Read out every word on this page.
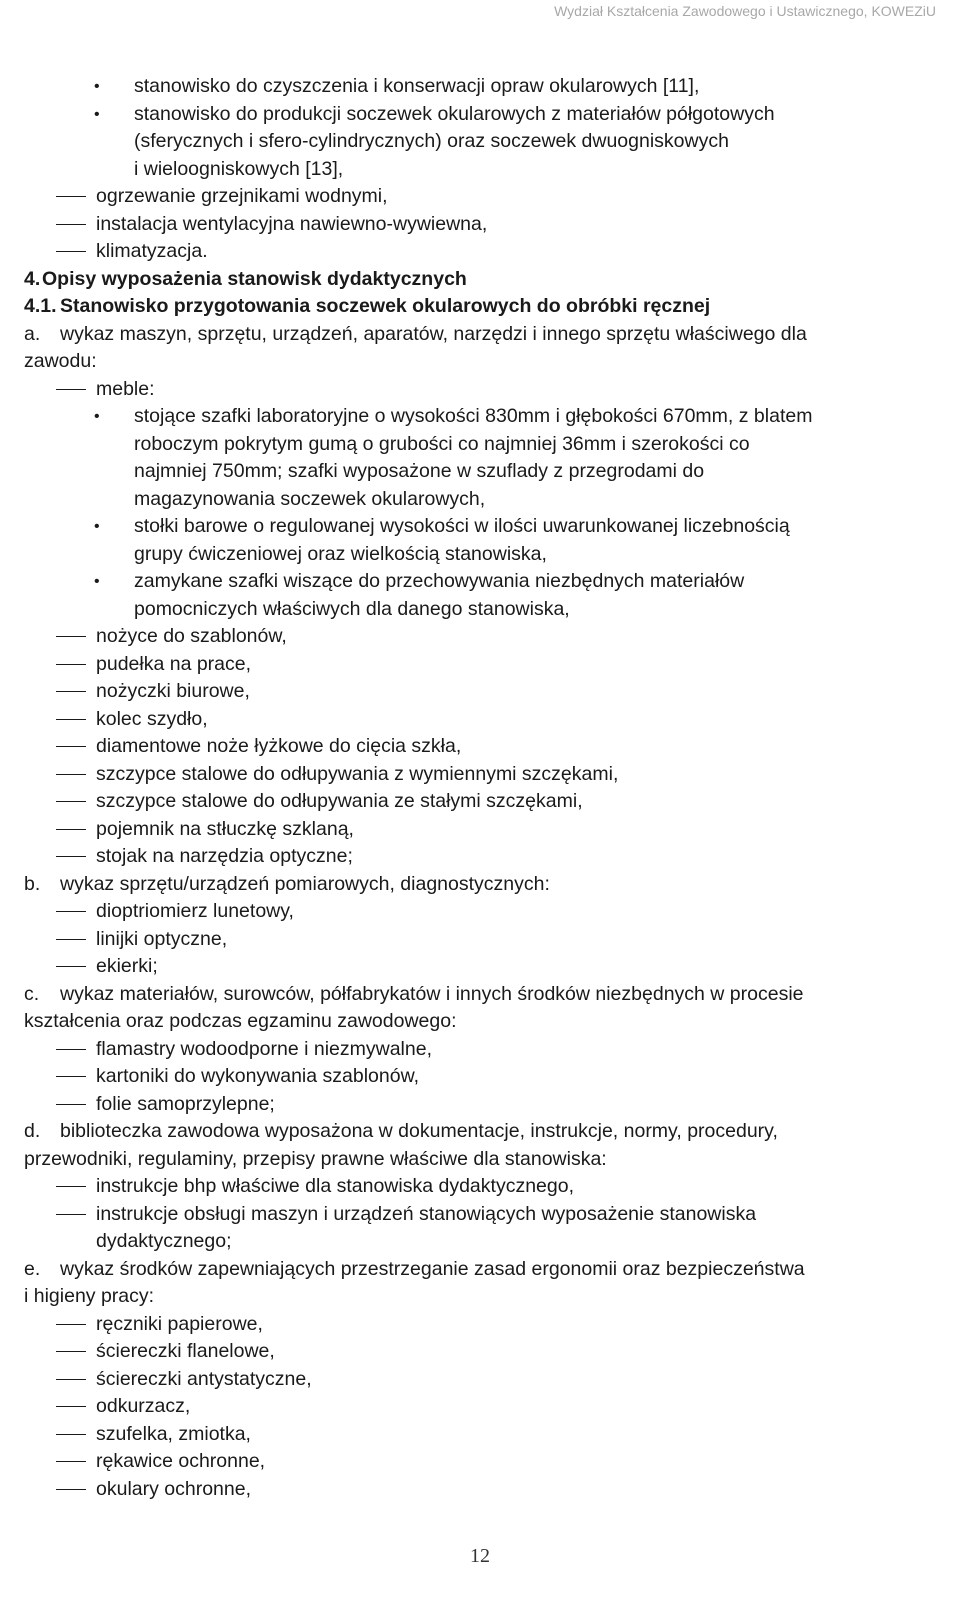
Wydział Kształcenia Zawodowego i Ustawicznego, KOWEZiU
•	stanowisko do czyszczenia i konserwacji opraw okularowych [11],
•	stanowisko do produkcji soczewek okularowych z materiałów półgotowych
(sferycznych i sfero-cylindrycznych) oraz soczewek dwuogniskowych
i wieloogniskowych [13],
ogrzewanie grzejnikami wodnymi,
instalacja wentylacyjna nawiewno-wywiewna,
klimatyzacja.
4. Opisy wyposażenia stanowisk dydaktycznych
4.1. Stanowisko przygotowania soczewek okularowych do obróbki ręcznej
a.	wykaz maszyn, sprzętu, urządzeń, aparatów, narzędzi i innego sprzętu właściwego dla
zawodu:
meble:
•	stojące szafki laboratoryjne o wysokości 830mm i głębokości 670mm, z blatem
roboczym pokrytym gumą o grubości co najmniej 36mm i szerokości co
najmniej 750mm; szafki wyposażone w szuflady z przegrodami do
magazynowania soczewek okularowych,
•	stołki barowe o regulowanej wysokości w ilości uwarunkowanej liczebnością
grupy ćwiczeniowej oraz wielkością stanowiska,
•	zamykane szafki wiszące do przechowywania niezbędnych materiałów
pomocniczych właściwych dla danego stanowiska,
nożyce do szablonów,
pudełka na prace,
nożyczki biurowe,
kolec szydło,
diamentowe noże łyżkowe do cięcia szkła,
szczypce stalowe do odłupywania z wymiennymi szczękami,
szczypce stalowe do odłupywania ze stałymi szczękami,
pojemnik na stłuczkę szklaną,
stojak na narzędzia optyczne;
b.	wykaz sprzętu/urządzeń pomiarowych, diagnostycznych:
dioptriomierz lunetowy,
linijki optyczne,
ekierki;
c.	wykaz materiałów, surowców, półfabrykatów i innych środków niezbędnych w procesie
kształcenia oraz podczas egzaminu zawodowego:
flamastry wodoodporne i niezmywalne,
kartoniki do wykonywania szablonów,
folie samoprzylepne;
d.	biblioteczka zawodowa wyposażona w dokumentacje, instrukcje, normy, procedury,
przewodniki, regulaminy, przepisy prawne właściwe dla stanowiska:
instrukcje bhp właściwe dla stanowiska dydaktycznego,
instrukcje obsługi maszyn i urządzeń stanowiących wyposażenie stanowiska
dydaktycznego;
e.	wykaz środków zapewniających przestrzeganie zasad ergonomii oraz bezpieczeństwa
i higieny pracy:
ręczniki papierowe,
ściereczki flanelowe,
ściereczki antystatyczne,
odkurzacz,
szufelka, zmiotka,
rękawice ochronne,
okulary ochronne,
12
